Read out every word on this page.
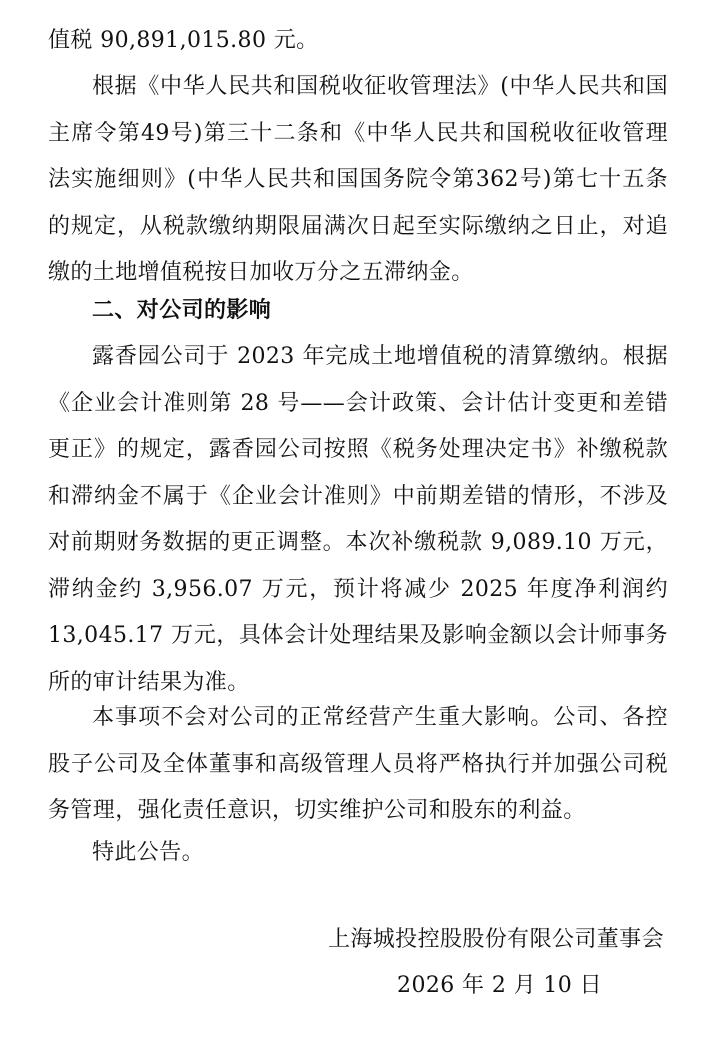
值税 90,891,015.80 元。

根据《中华人民共和国税收征收管理法》(中华人民共和国主席令第49号)第三十二条和《中华人民共和国税收征收管理法实施细则》(中华人民共和国国务院令第362号)第七十五条的规定，从税款缴纳期限届满次日起至实际缴纳之日止，对追缴的土地增值税按日加收万分之五滞纳金。

二、对公司的影响

露香园公司于 2023 年完成土地增值税的清算缴纳。根据《企业会计准则第 28 号——会计政策、会计估计变更和差错更正》的规定，露香园公司按照《税务处理决定书》补缴税款和滞纳金不属于《企业会计准则》中前期差错的情形，不涉及对前期财务数据的更正调整。本次补缴税款 9,089.10 万元，滞纳金约 3,956.07 万元，预计将减少 2025 年度净利润约 13,045.17 万元，具体会计处理结果及影响金额以会计师事务所的审计结果为准。

本事项不会对公司的正常经营产生重大影响。公司、各控股子公司及全体董事和高级管理人员将严格执行并加强公司税务管理，强化责任意识，切实维护公司和股东的利益。

特此公告。

上海城投控股股份有限公司董事会
2026 年 2 月 10 日
